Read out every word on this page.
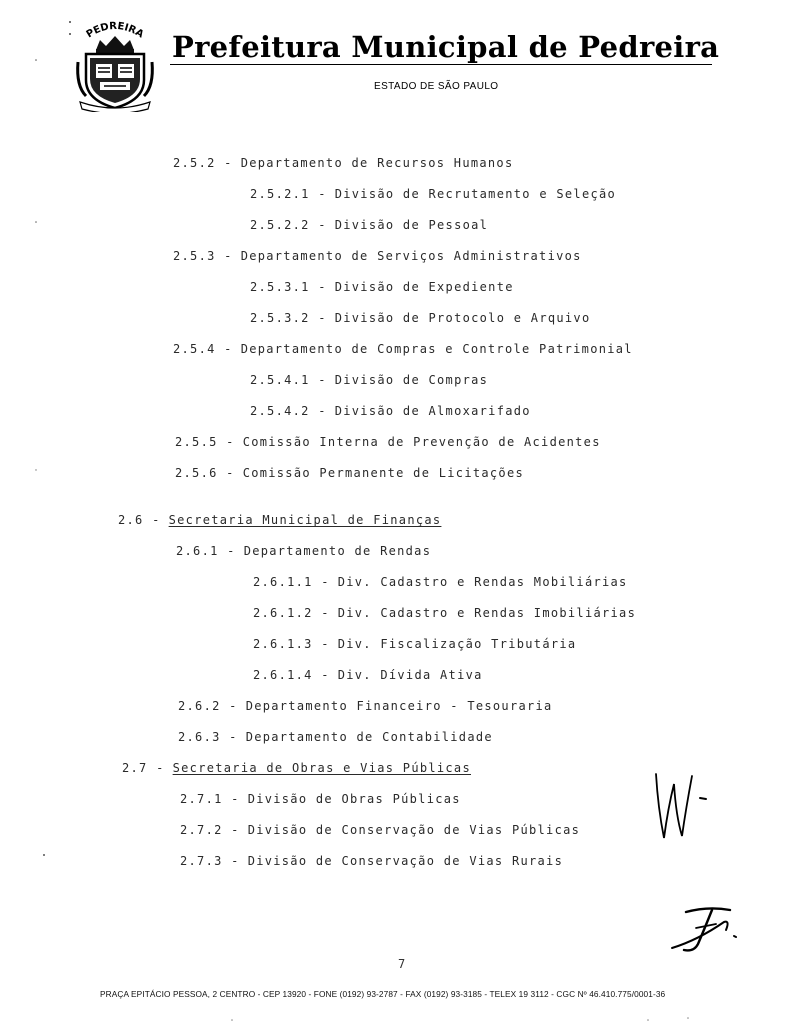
PEDREIRA Prefeitura Municipal de Pedreira
ESTADO DE SÃO PAULO
2.5.2 - Departamento de Recursos Humanos
2.5.2.1 - Divisão de Recrutamento e Seleção
2.5.2.2 - Divisão de Pessoal
2.5.3 - Departamento de Serviços Administrativos
2.5.3.1 - Divisão de Expediente
2.5.3.2 - Divisão de Protocolo e Arquivo
2.5.4 - Departamento de Compras e Controle Patrimonial
2.5.4.1 - Divisão de Compras
2.5.4.2 - Divisão de Almoxarifado
2.5.5 - Comissão Interna de Prevenção de Acidentes
2.5.6 - Comissão Permanente de Licitações
2.6 - Secretaria Municipal de Finanças
2.6.1 - Departamento de Rendas
2.6.1.1 - Div. Cadastro e Rendas Mobiliárias
2.6.1.2 - Div. Cadastro e Rendas Imobiliárias
2.6.1.3 - Div. Fiscalização Tributária
2.6.1.4 - Div. Dívida Ativa
2.6.2 - Departamento Financeiro - Tesouraria
2.6.3 - Departamento de Contabilidade
2.7 - Secretaria de Obras e Vias Públicas
2.7.1 - Divisão de Obras Públicas
2.7.2 - Divisão de Conservação de Vias Públicas
2.7.3 - Divisão de Conservação de Vias Rurais
7
PRAÇA EPITÁCIO PESSOA, 2 CENTRO - CEP 13920 - FONE (0192) 93-2787 - FAX (0192) 93-3185 - TELEX 19 3112 - CGC Nº 46.410.775/0001-36
